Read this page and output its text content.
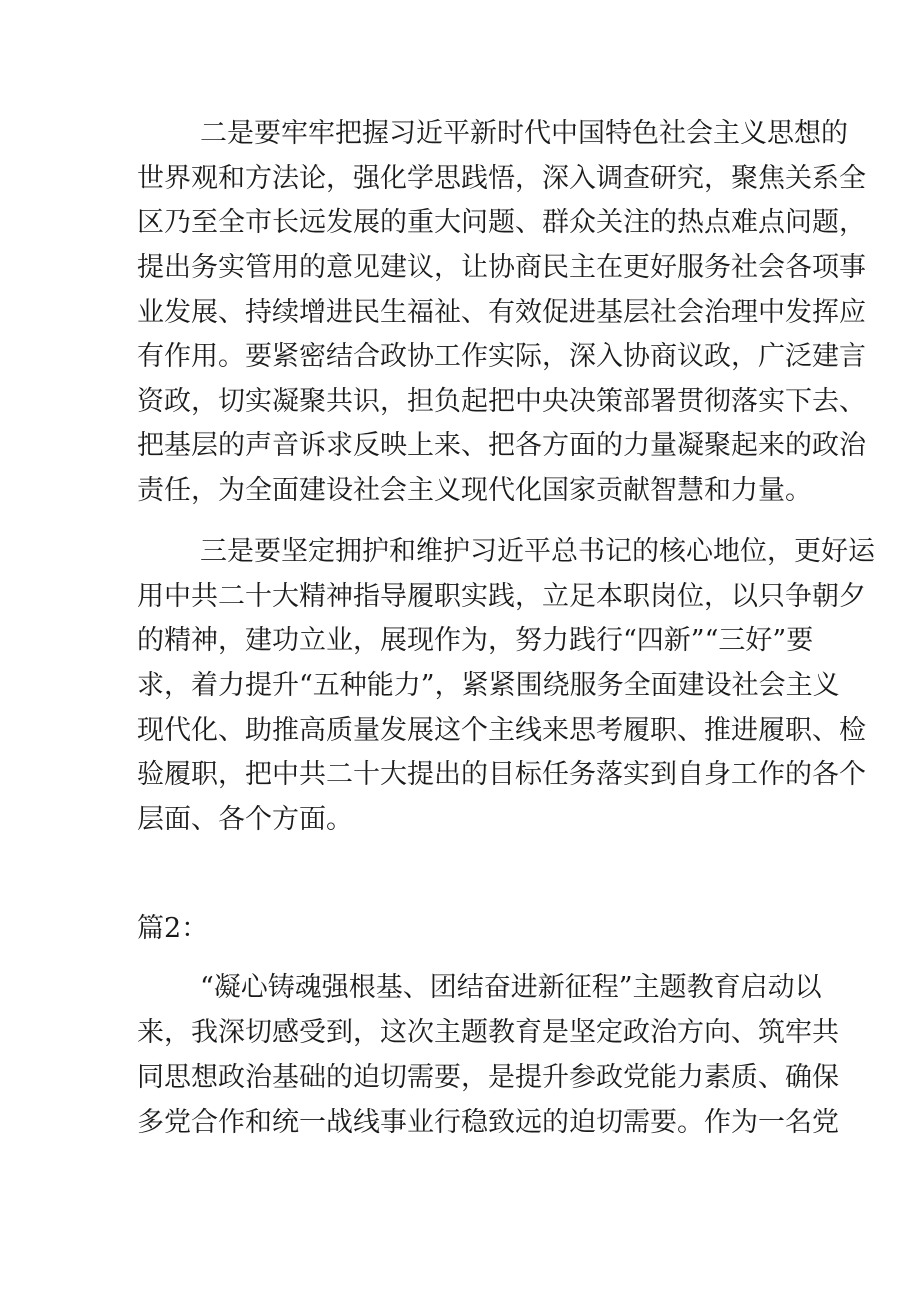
二是要牢牢把握习近平新时代中国特色社会主义思想的
世界观和方法论，强化学思践悟，深入调查研究，聚焦关系全
区乃至全市长远发展的重大问题、群众关注的热点难点问题，
提出务实管用的意见建议，让协商民主在更好服务社会各项事
业发展、持续增进民生福祉、有效促进基层社会治理中发挥应
有作用。要紧密结合政协工作实际，深入协商议政，广泛建言
资政，切实凝聚共识，担负起把中央决策部署贯彻落实下去、
把基层的声音诉求反映上来、把各方面的力量凝聚起来的政治
责任，为全面建设社会主义现代化国家贡献智慧和力量。
三是要坚定拥护和维护习近平总书记的核心地位，更好运
用中共二十大精神指导履职实践，立足本职岗位，以只争朝夕
的精神，建功立业，展现作为，努力践行“四新”“三好”要
求，着力提升“五种能力”，紧紧围绕服务全面建设社会主义
现代化、助推高质量发展这个主线来思考履职、推进履职、检
验履职，把中共二十大提出的目标任务落实到自身工作的各个
层面、各个方面。
篇2：
“凝心铸魂强根基、团结奋进新征程”主题教育启动以
来，我深切感受到，这次主题教育是坚定政治方向、筑牢共
同思想政治基础的迫切需要，是提升参政党能力素质、确保
多党合作和统一战线事业行稳致远的迫切需要。作为一名党
